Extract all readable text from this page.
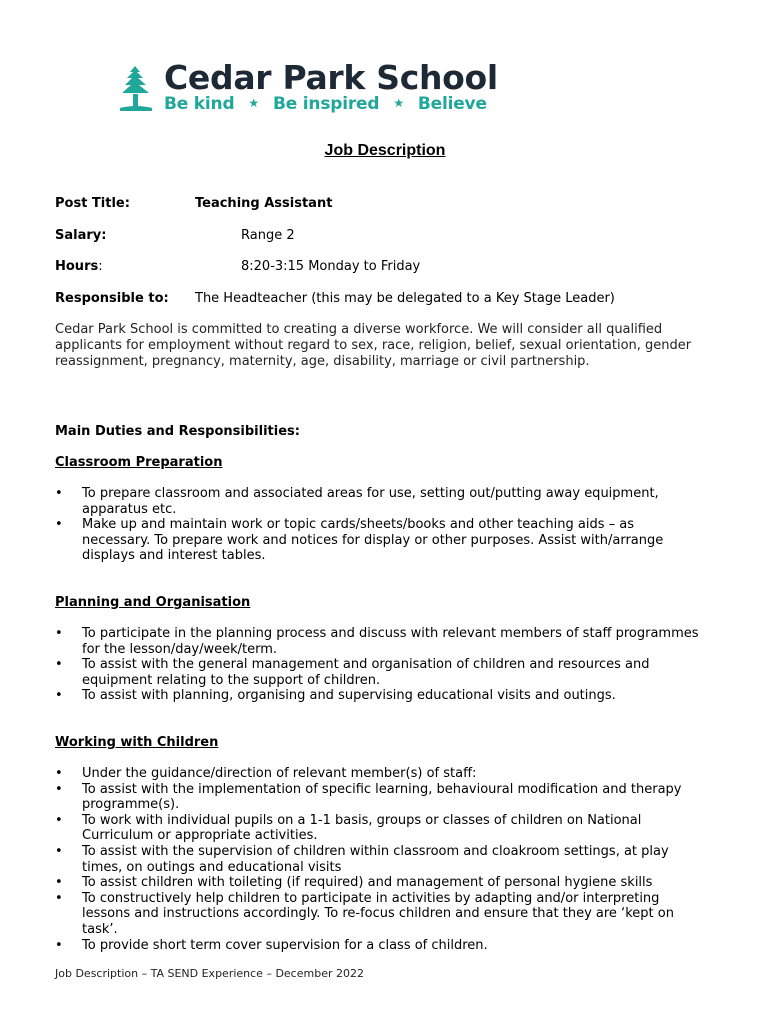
Cedar Park School
Be kind ★ Be inspired ★ Believe
Job Description
Post Title:	Teaching Assistant
Salary:	Range 2
Hours:	8:20-3:15 Monday to Friday
Responsible to: The Headteacher (this may be delegated to a Key Stage Leader)
Cedar Park School is committed to creating a diverse workforce. We will consider all qualified applicants for employment without regard to sex, race, religion, belief, sexual orientation, gender reassignment, pregnancy, maternity, age, disability, marriage or civil partnership.
Main Duties and Responsibilities:
Classroom Preparation
• To prepare classroom and associated areas for use, setting out/putting away equipment, apparatus etc.
• Make up and maintain work or topic cards/sheets/books and other teaching aids – as necessary. To prepare work and notices for display or other purposes. Assist with/arrange displays and interest tables.
Planning and Organisation
• To participate in the planning process and discuss with relevant members of staff programmes for the lesson/day/week/term.
• To assist with the general management and organisation of children and resources and equipment relating to the support of children.
• To assist with planning, organising and supervising educational visits and outings.
Working with Children
• Under the guidance/direction of relevant member(s) of staff:
• To assist with the implementation of specific learning, behavioural modification and therapy programme(s).
• To work with individual pupils on a 1-1 basis, groups or classes of children on National Curriculum or appropriate activities.
• To assist with the supervision of children within classroom and cloakroom settings, at play times, on outings and educational visits
• To assist children with toileting (if required) and management of personal hygiene skills
• To constructively help children to participate in activities by adapting and/or interpreting lessons and instructions accordingly. To re-focus children and ensure that they are ‘kept on task’.
• To provide short term cover supervision for a class of children.
Job Description – TA SEND Experience – December 2022
